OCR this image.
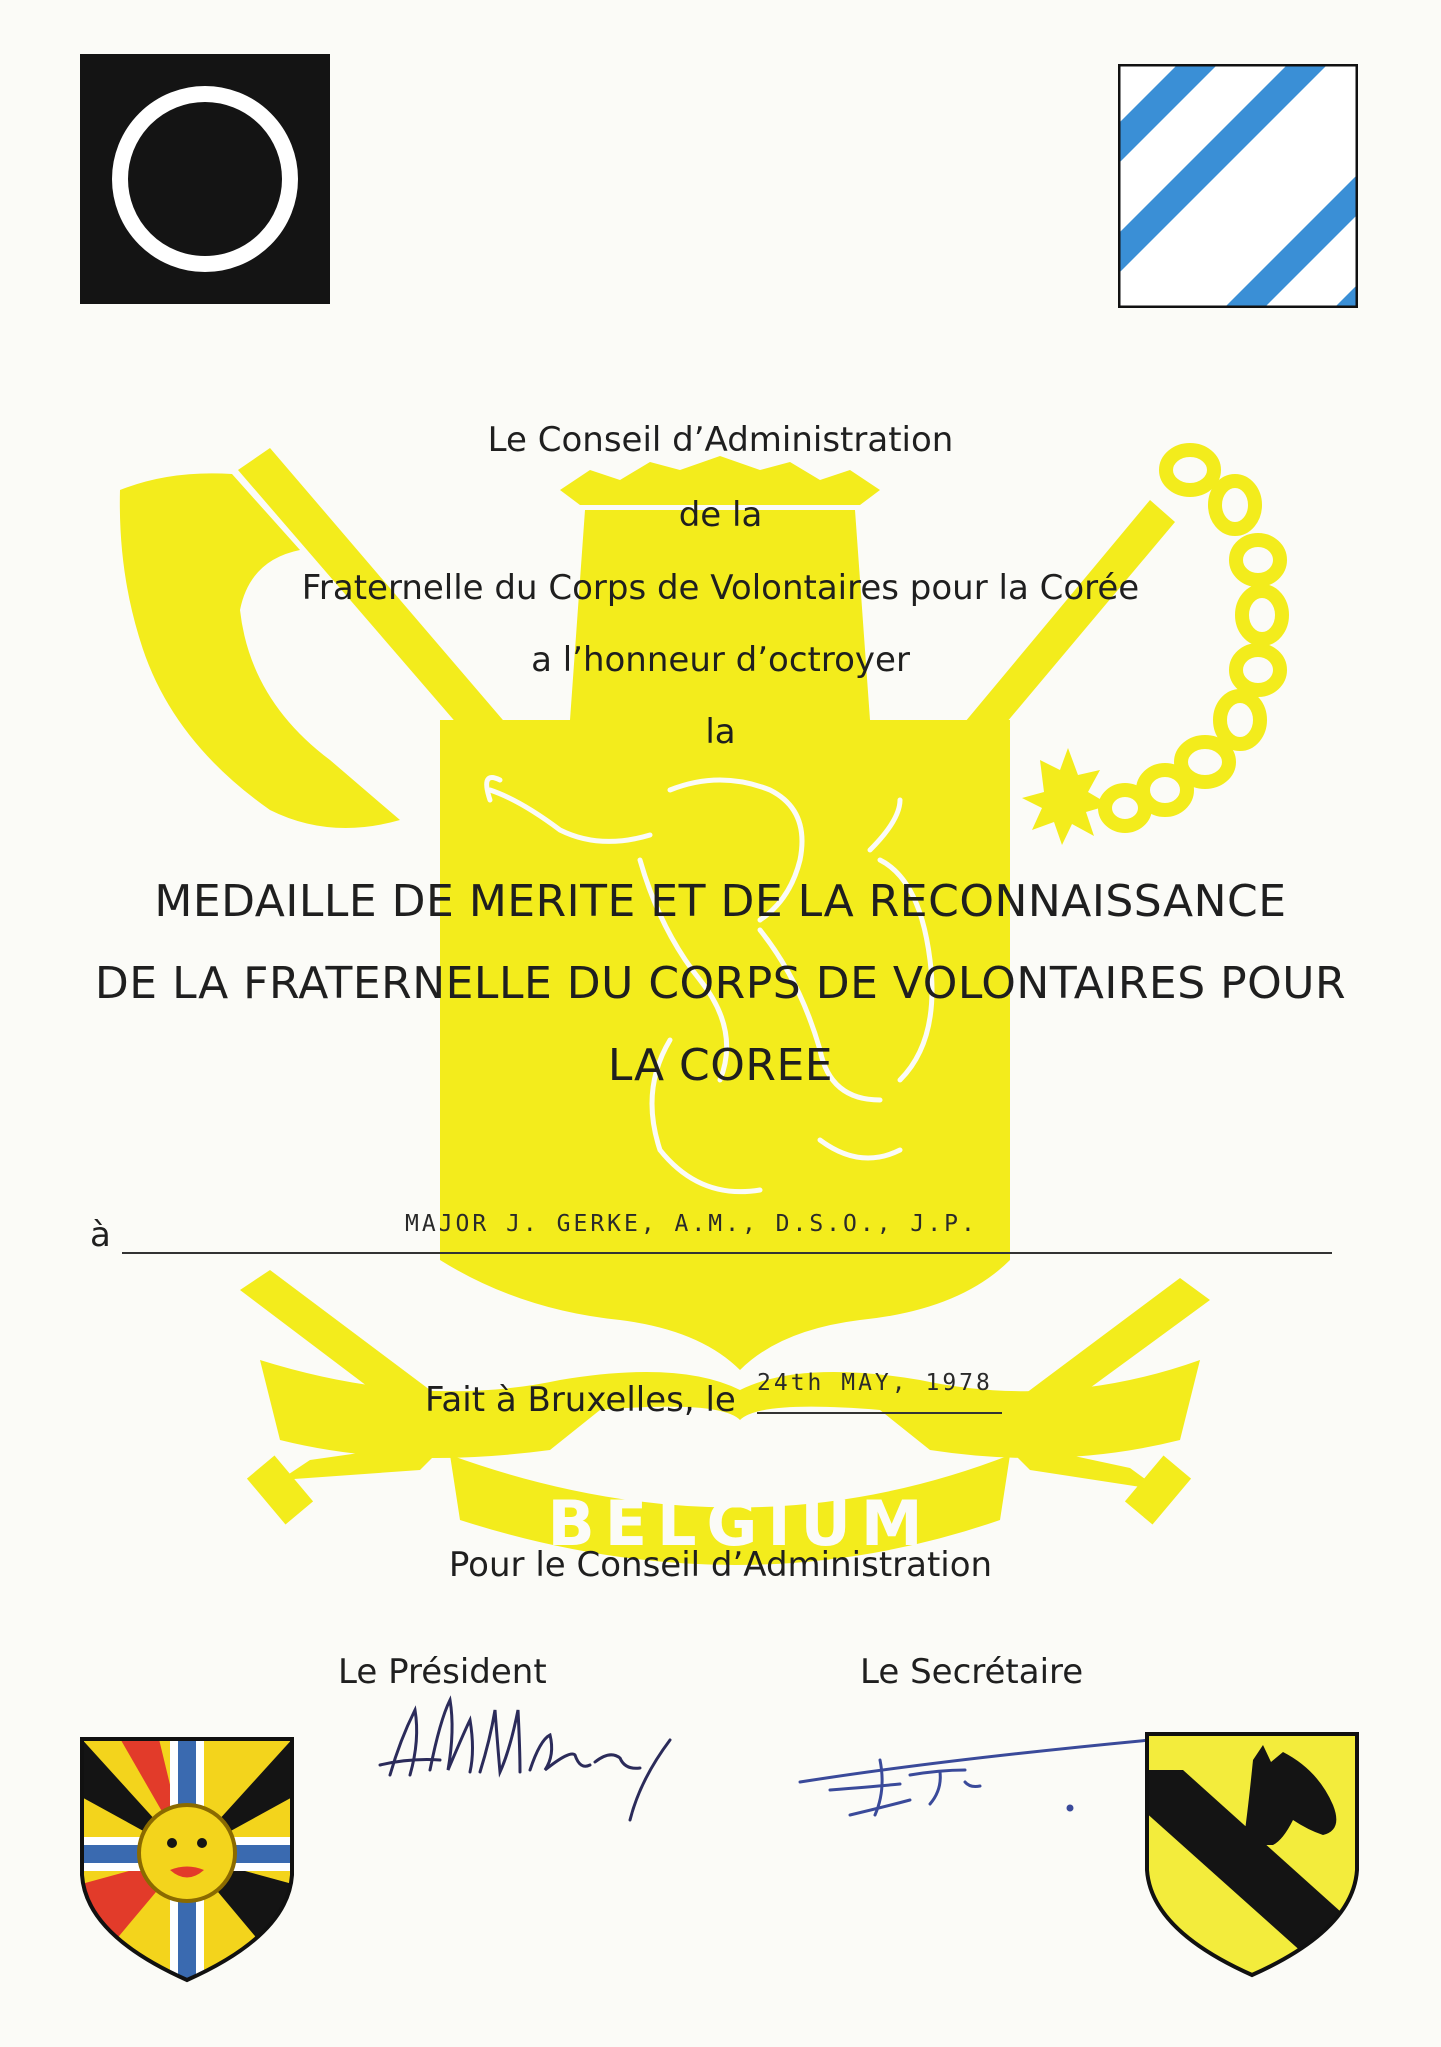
BELGIUM
Le Conseil d’Administration
de la
Fraternelle du Corps de Volontaires pour la Corée
a l’honneur d’octroyer
la
MEDAILLE DE MERITE ET DE LA RECONNAISSANCE
DE LA FRATERNELLE DU CORPS DE VOLONTAIRES POUR
LA COREE
à	MAJOR J. GERKE, A.M., D.S.O., J.P.
Fait à Bruxelles, le 24th MAY, 1978
Pour le Conseil d’Administration
Le Président	Le Secrétaire
